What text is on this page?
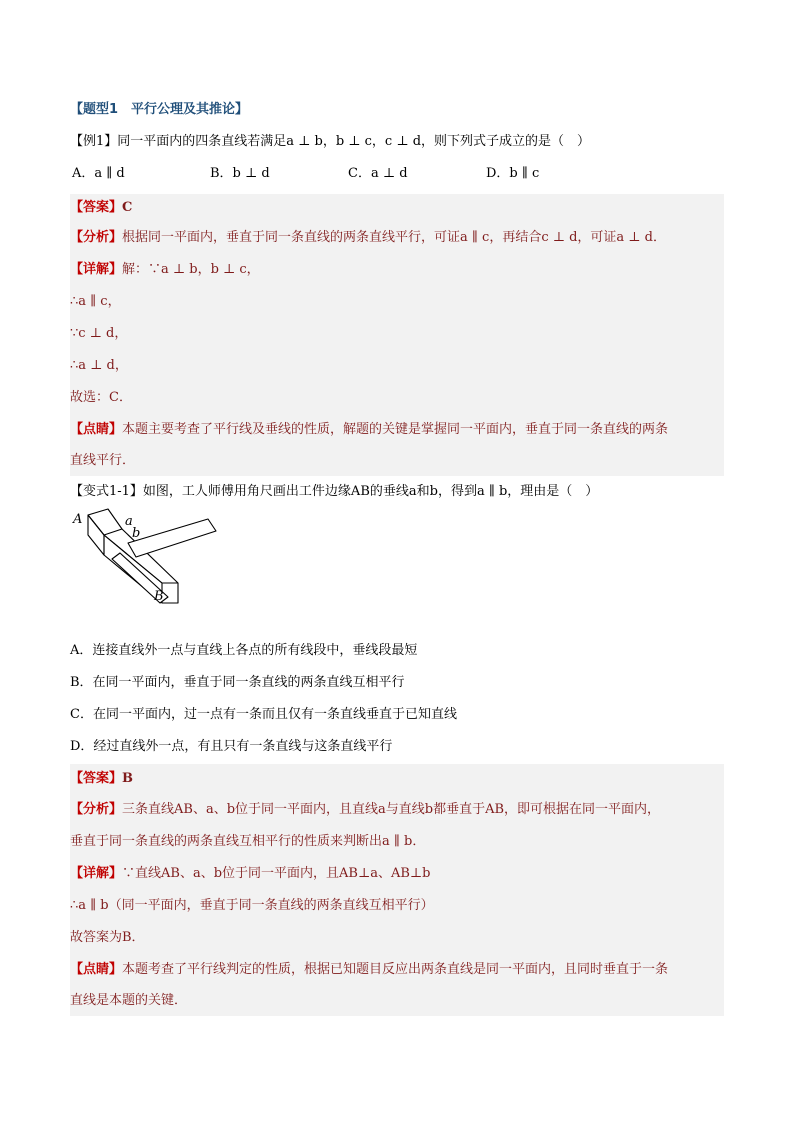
【题型1　平行公理及其推论】
【例1】同一平面内的四条直线若满足a ⊥ b，b ⊥ c，c ⊥ d，则下列式子成立的是（　）
A．a ∥ d	B．b ⊥ d	C．a ⊥ d	D．b ∥ c
【答案】C
【分析】根据同一平面内，垂直于同一条直线的两条直线平行，可证a ∥ c，再结合c ⊥ d，可证a ⊥ d．
【详解】解：∵a ⊥ b，b ⊥ c，
∴a ∥ c，
∵c ⊥ d，
∴a ⊥ d，
故选：C．
【点睛】本题主要考查了平行线及垂线的性质，解题的关键是掌握同一平面内，垂直于同一条直线的两条
直线平行．
【变式1-1】如图，工人师傅用角尺画出工件边缘AB的垂线a和b，得到a ∥ b，理由是（　）
A	a
b
B
A．连接直线外一点与直线上各点的所有线段中，垂线段最短
B．在同一平面内，垂直于同一条直线的两条直线互相平行
C．在同一平面内，过一点有一条而且仅有一条直线垂直于已知直线
D．经过直线外一点，有且只有一条直线与这条直线平行
【答案】B
【分析】三条直线AB、a、b位于同一平面内，且直线a与直线b都垂直于AB，即可根据在同一平面内，
垂直于同一条直线的两条直线互相平行的性质来判断出a ∥ b．
【详解】∵直线AB、a、b位于同一平面内，且AB⊥a、AB⊥b
∴a ∥ b（同一平面内，垂直于同一条直线的两条直线互相平行）
故答案为B．
【点睛】本题考查了平行线判定的性质，根据已知题目反应出两条直线是同一平面内，且同时垂直于一条
直线是本题的关键．
